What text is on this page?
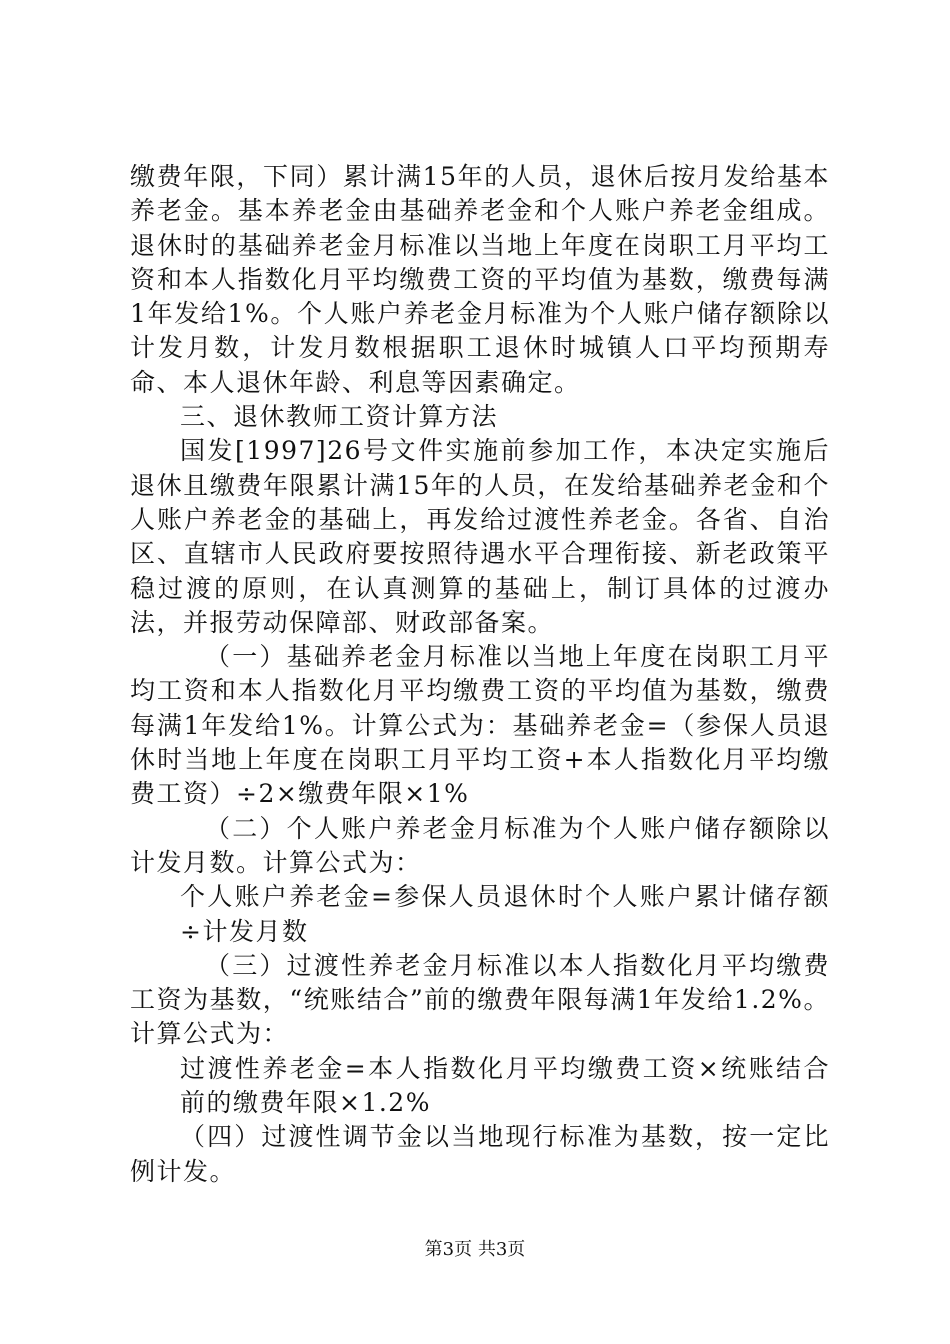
缴费年限，下同）累计满15年的人员，退休后按月发给基本养老金。基本养老金由基础养老金和个人账户养老金组成。退休时的基础养老金月标准以当地上年度在岗职工月平均工资和本人指数化月平均缴费工资的平均值为基数，缴费每满1年发给1%。个人账户养老金月标准为个人账户储存额除以计发月数，计发月数根据职工退休时城镇人口平均预期寿命、本人退休年龄、利息等因素确定。

三、退休教师工资计算方法

国发[1997]26号文件实施前参加工作，本决定实施后退休且缴费年限累计满15年的人员，在发给基础养老金和个人账户养老金的基础上，再发给过渡性养老金。各省、自治区、直辖市人民政府要按照待遇水平合理衔接、新老政策平稳过渡的原则，在认真测算的基础上，制订具体的过渡办法，并报劳动保障部、财政部备案。

（一）基础养老金月标准以当地上年度在岗职工月平均工资和本人指数化月平均缴费工资的平均值为基数，缴费每满1年发给1%。计算公式为：基础养老金=（参保人员退休时当地上年度在岗职工月平均工资+本人指数化月平均缴费工资）÷2×缴费年限×1%

（二）个人账户养老金月标准为个人账户储存额除以计发月数。计算公式为：

个人账户养老金=参保人员退休时个人账户累计储存额÷计发月数

（三）过渡性养老金月标准以本人指数化月平均缴费工资为基数，“统账结合”前的缴费年限每满1年发给1.2%。计算公式为：

过渡性养老金=本人指数化月平均缴费工资×统账结合前的缴费年限×1.2%

（四）过渡性调节金以当地现行标准为基数，按一定比例计发。

第3页 共3页
